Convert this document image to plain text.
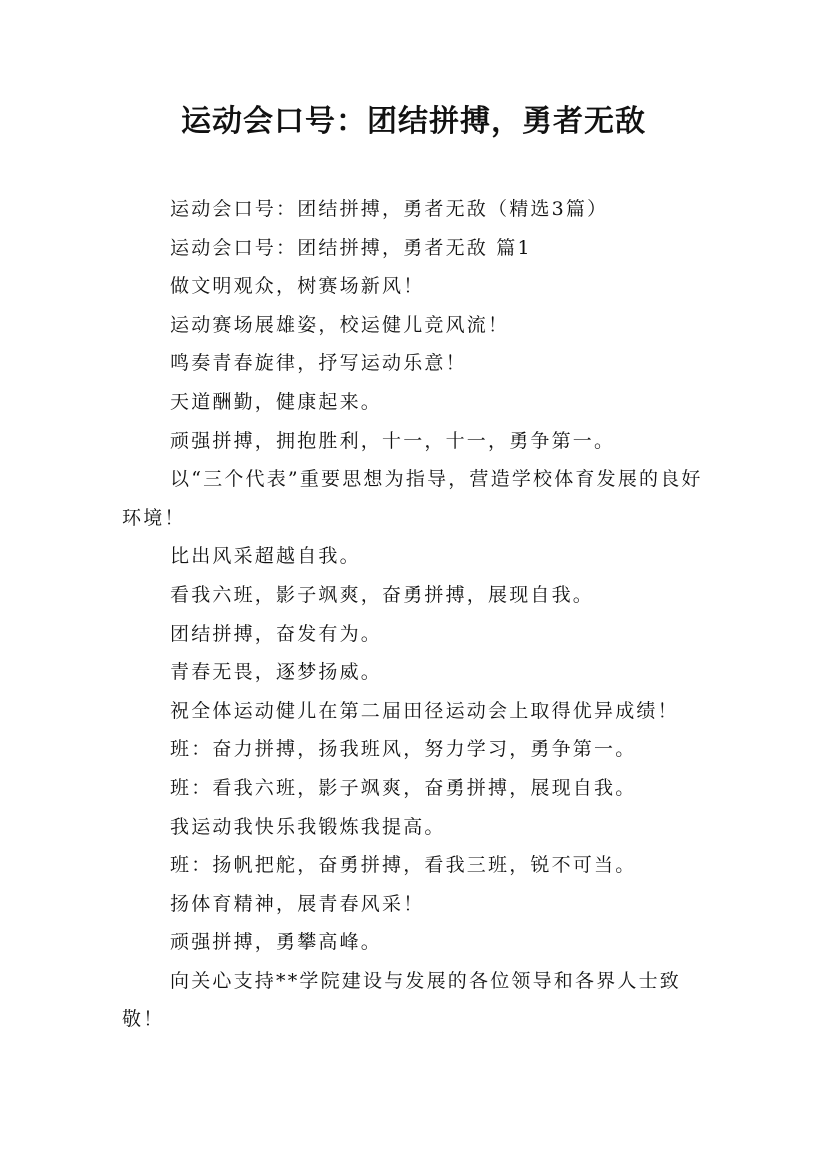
运动会口号：团结拼搏，勇者无敌

运动会口号：团结拼搏，勇者无敌（精选3篇）

运动会口号：团结拼搏，勇者无敌 篇1

做文明观众，树赛场新风！

运动赛场展雄姿，校运健儿竞风流！

鸣奏青春旋律，抒写运动乐意！

天道酬勤，健康起来。

顽强拼搏，拥抱胜利，十一，十一，勇争第一。

以“三个代表”重要思想为指导，营造学校体育发展的良好环境！

比出风采超越自我。

看我六班，影子飒爽，奋勇拼搏，展现自我。

团结拼搏，奋发有为。

青春无畏，逐梦扬威。

祝全体运动健儿在第二届田径运动会上取得优异成绩！

班：奋力拼搏，扬我班风，努力学习，勇争第一。

班：看我六班，影子飒爽，奋勇拼搏，展现自我。

我运动我快乐我锻炼我提高。

班：扬帆把舵，奋勇拼搏，看我三班，锐不可当。

扬体育精神，展青春风采！

顽强拼搏，勇攀高峰。

向关心支持**学院建设与发展的各位领导和各界人士致敬！
